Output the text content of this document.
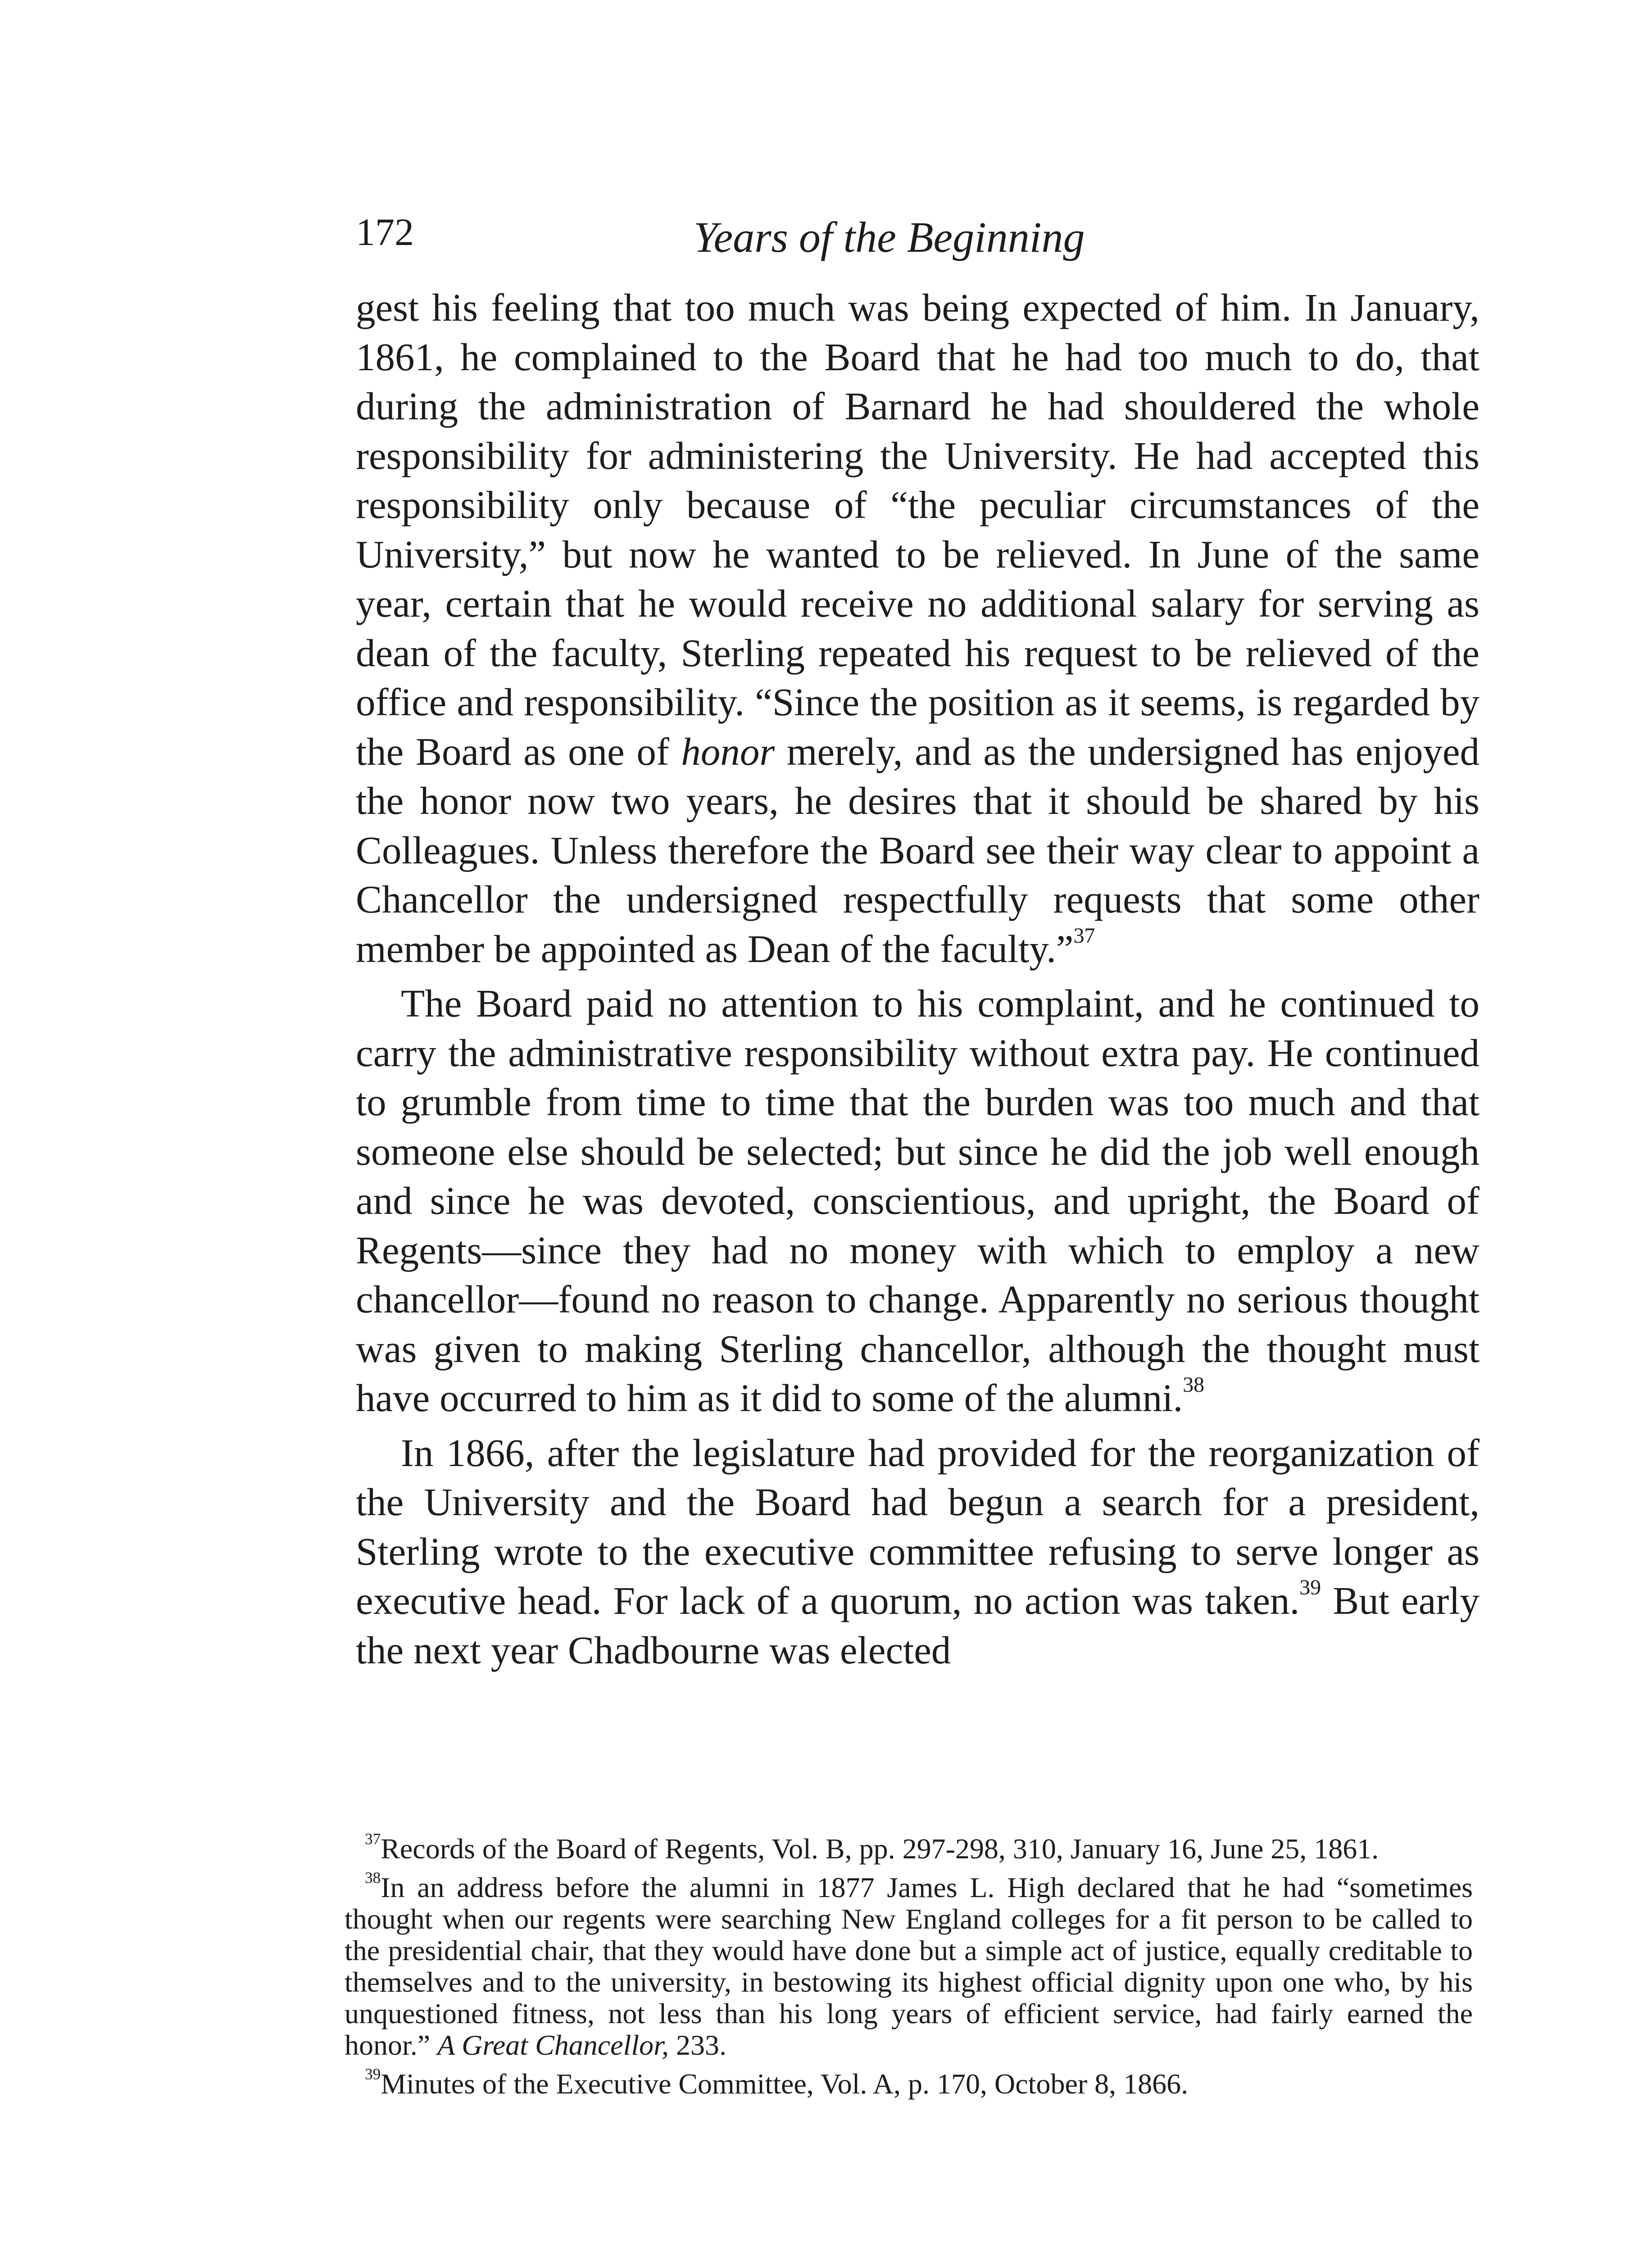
172	Years of the Beginning

gest his feeling that too much was being expected of him. In January, 1861, he complained to the Board that he had too much to do, that during the administration of Barnard he had shouldered the whole responsibility for administering the University. He had accepted this responsibility only because of “the peculiar circumstances of the University,” but now he wanted to be relieved. In June of the same year, certain that he would receive no additional salary for serving as dean of the faculty, Sterling repeated his request to be relieved of the office and responsibility. “Since the position as it seems, is regarded by the Board as one of honor merely, and as the undersigned has enjoyed the honor now two years, he desires that it should be shared by his Colleagues. Unless therefore the Board see their way clear to appoint a Chancellor the undersigned respectfully requests that some other member be appointed as Dean of the faculty.”$^{37}$

The Board paid no attention to his complaint, and he continued to carry the administrative responsibility without extra pay. He continued to grumble from time to time that the burden was too much and that someone else should be selected; but since he did the job well enough and since he was devoted, conscientious, and upright, the Board of Regents—since they had no money with which to employ a new chancellor—found no reason to change. Apparently no serious thought was given to making Sterling chancellor, although the thought must have occurred to him as it did to some of the alumni.$^{38}$

In 1866, after the legislature had provided for the reorganization of the University and the Board had begun a search for a president, Sterling wrote to the executive committee refusing to serve longer as executive head. For lack of a quorum, no action was taken.$^{39}$ But early the next year Chadbourne was elected

$^{37}$Records of the Board of Regents, Vol. B, pp. 297-298, 310, January 16, June 25, 1861.

$^{38}$In an address before the alumni in 1877 James L. High declared that he had “sometimes thought when our regents were searching New England colleges for a fit person to be called to the presidential chair, that they would have done but a simple act of justice, equally creditable to themselves and to the university, in bestowing its highest official dignity upon one who, by his unquestioned fitness, not less than his long years of efficient service, had fairly earned the honor.” A Great Chancellor, 233.

$^{39}$Minutes of the Executive Committee, Vol. A, p. 170, October 8, 1866.
